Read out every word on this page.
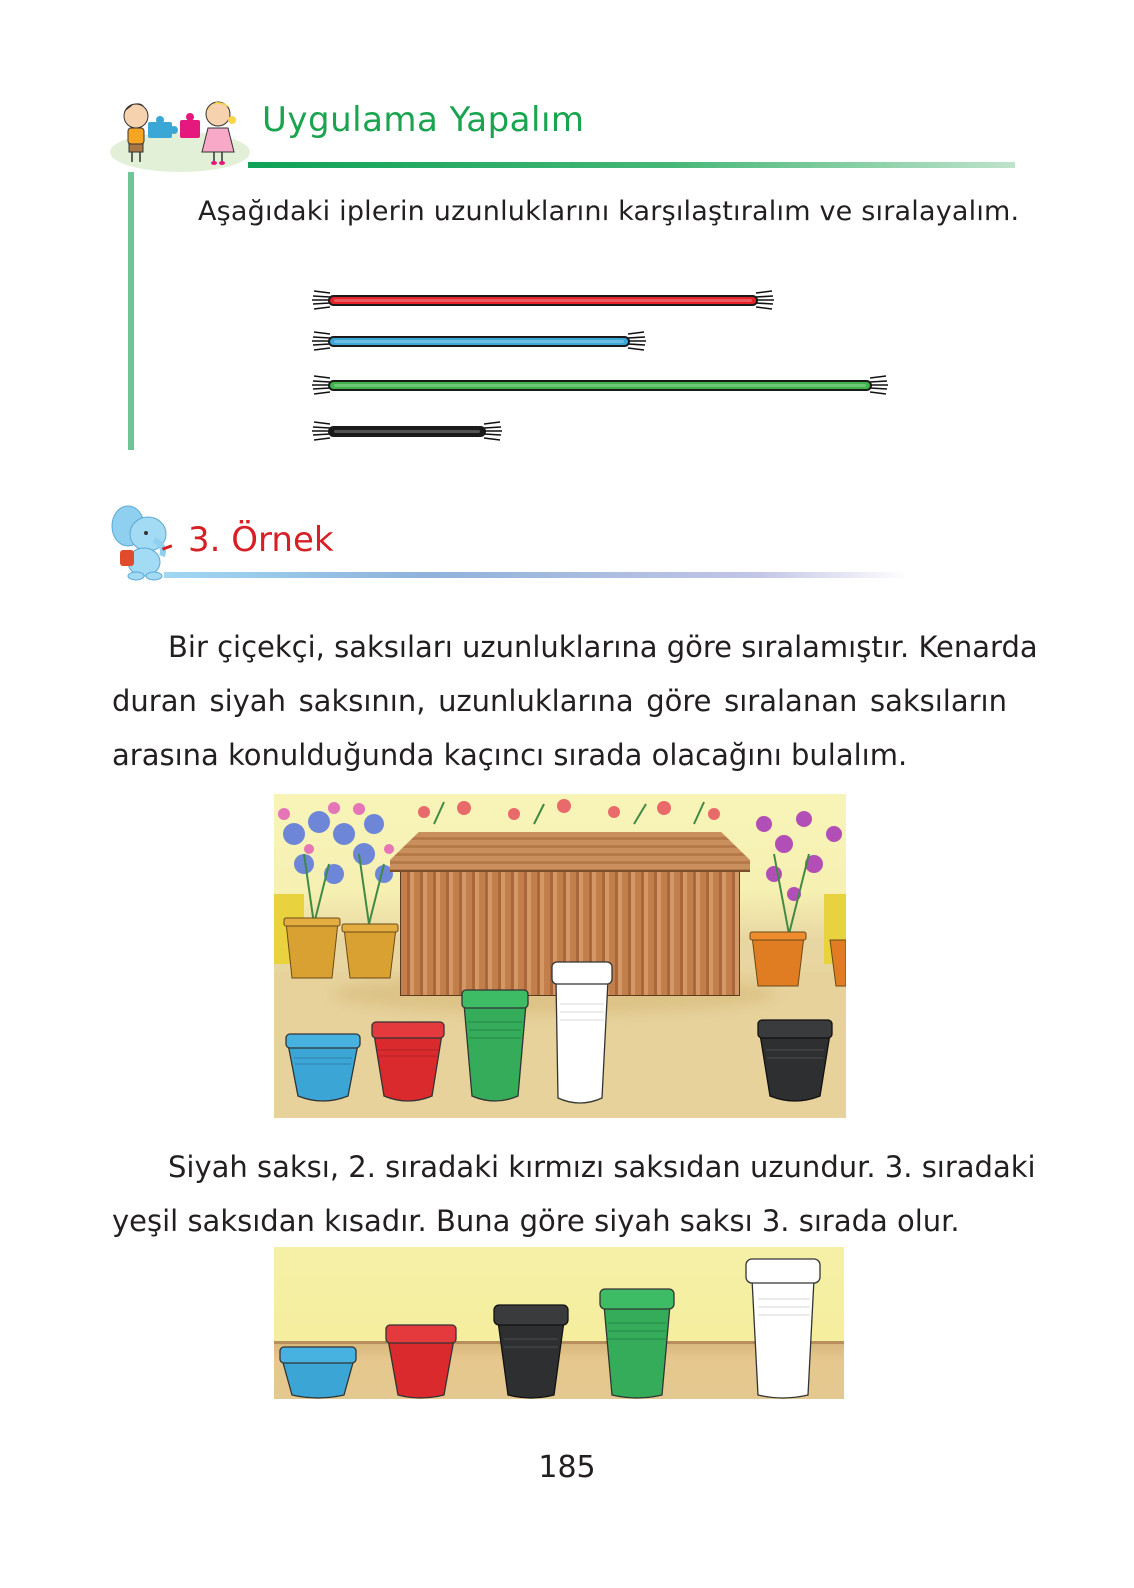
Uygulama Yapalım

Aşağıdaki iplerin uzunluklarını karşılaştıralım ve sıralayalım.

3. Örnek
Bir çiçekçi, saksıları uzunluklarına göre sıralamıştır. Kenarda
duran siyah saksının, uzunluklarına göre sıralanan saksıların
arasına konulduğunda kaçıncı sırada olacağını bulalım.
Siyah saksı, 2. sıradaki kırmızı saksıdan uzundur. 3. sıradaki
yeşil saksıdan kısadır. Buna göre siyah saksı 3. sırada olur.
185
